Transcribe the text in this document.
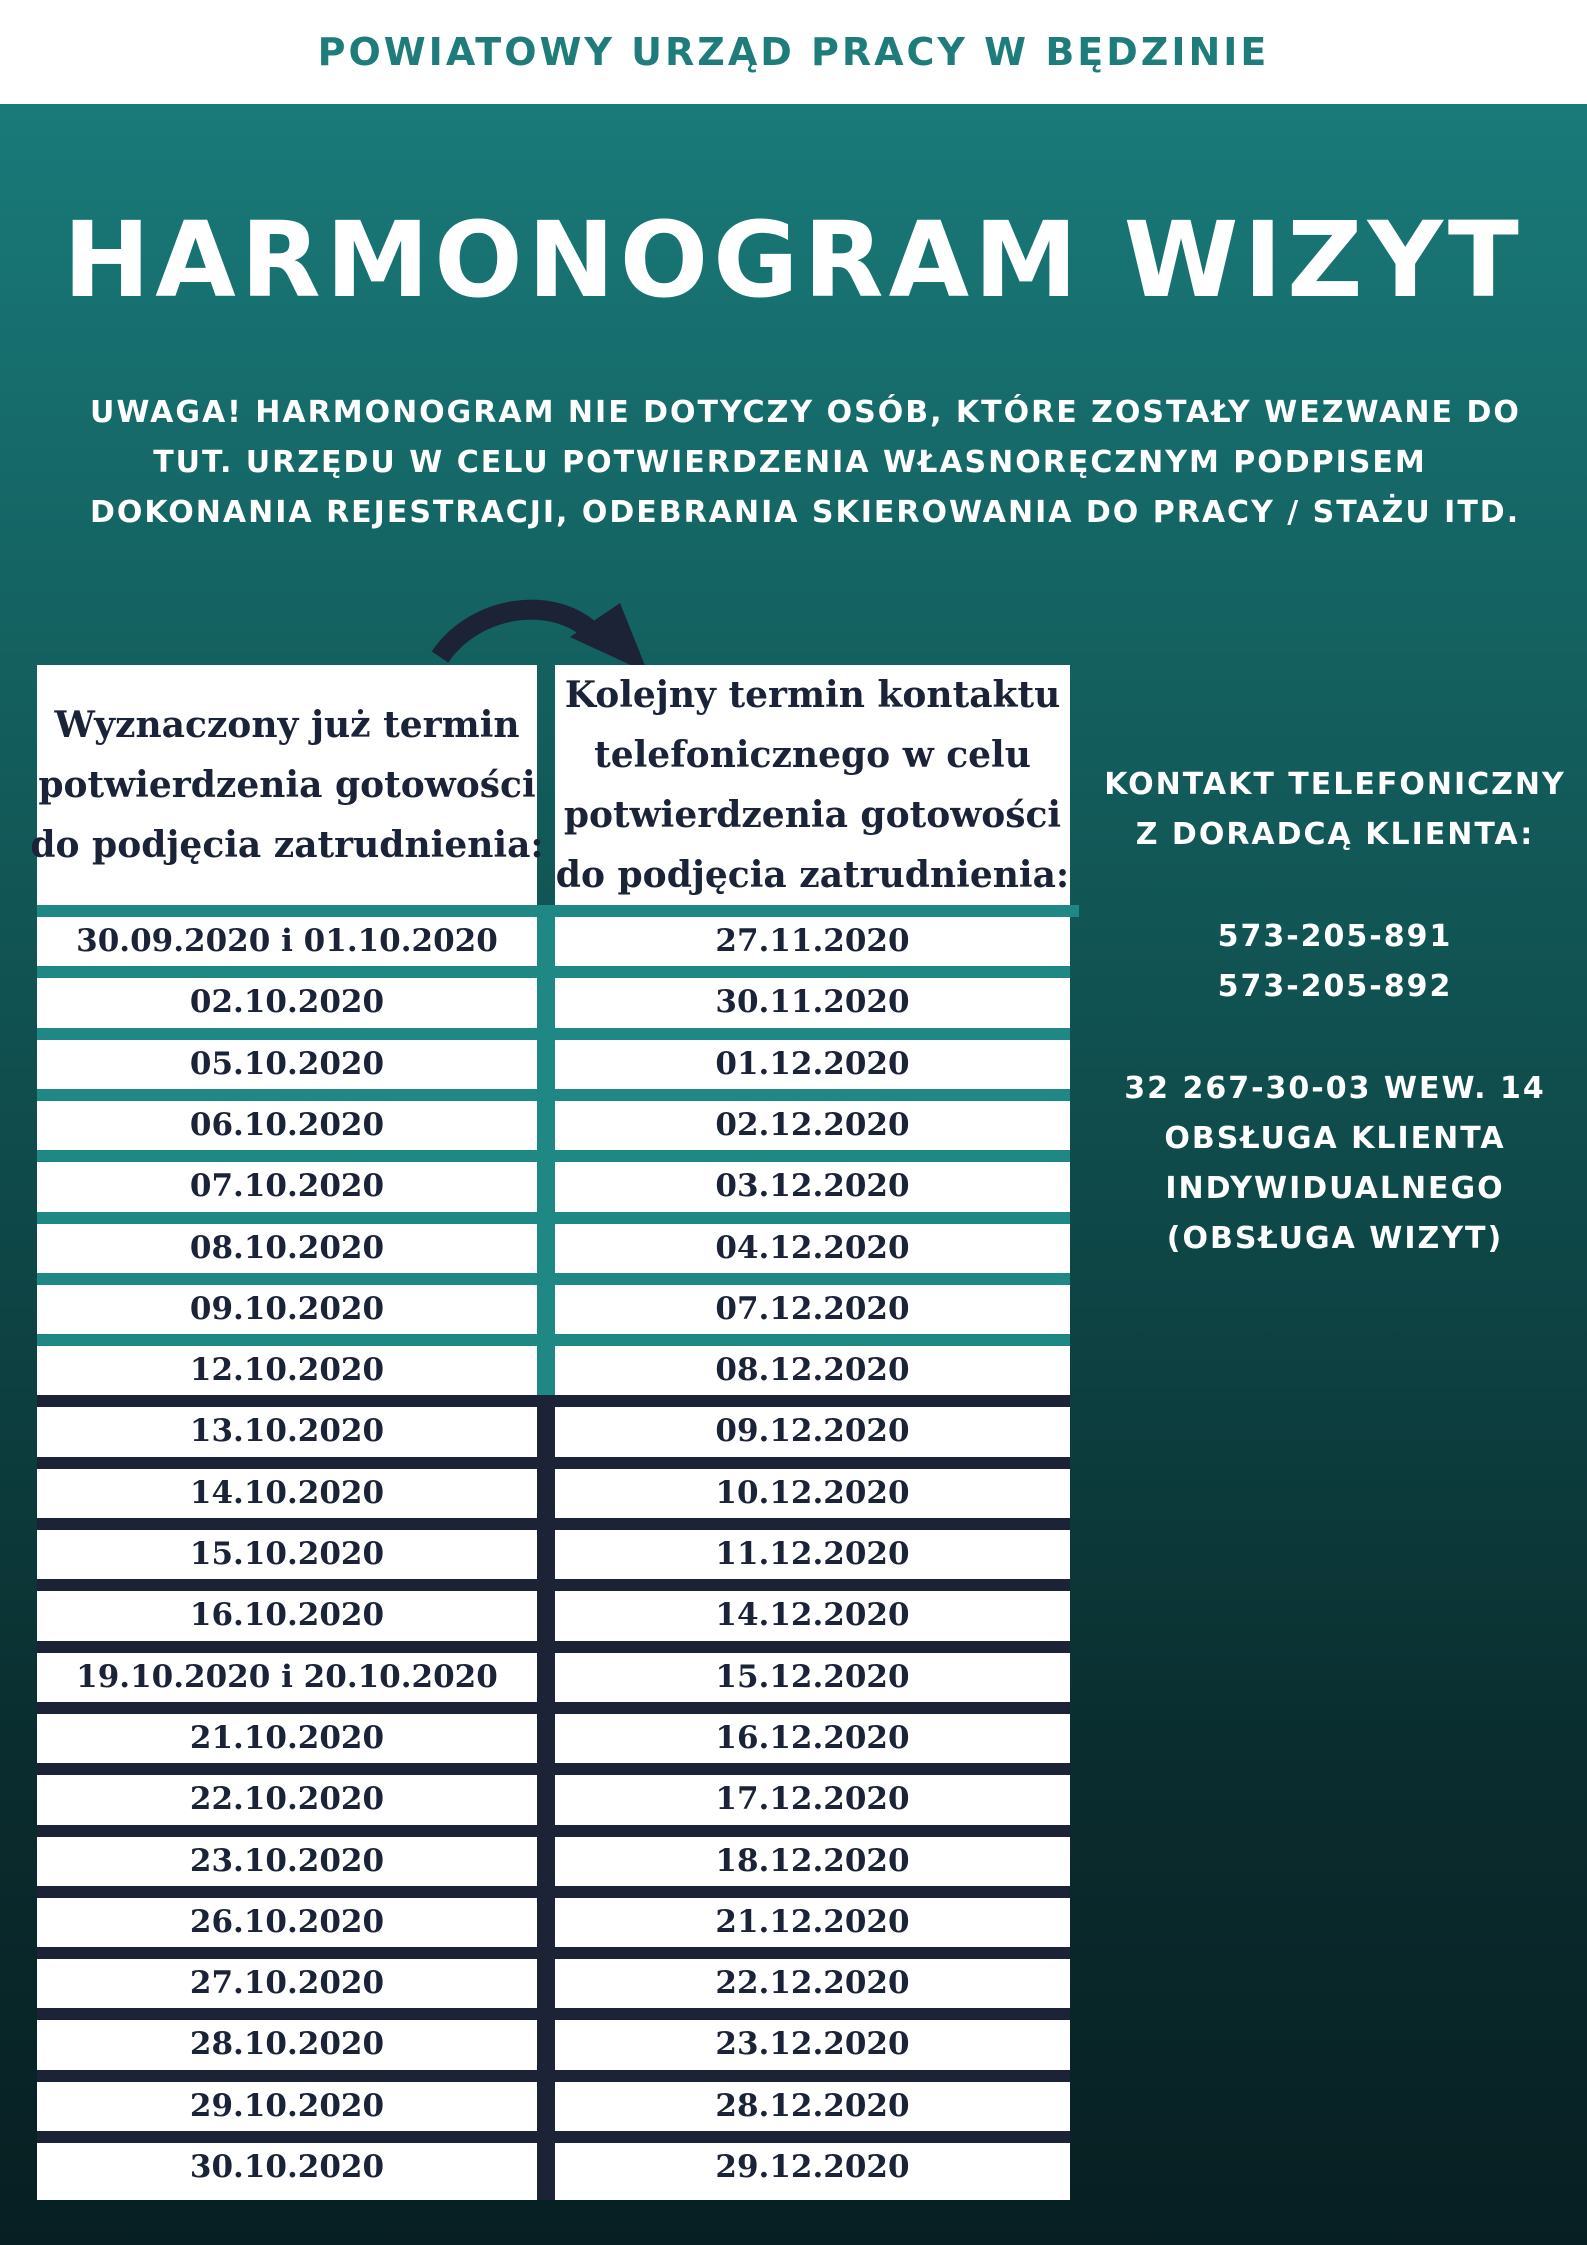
POWIATOWY URZĄD PRACY W BĘDZINIE
HARMONOGRAM WIZYT
UWAGA! HARMONOGRAM NIE DOTYCZY OSÓB, KTÓRE ZOSTAŁY WEZWANE DO
TUT. URZĘDU W CELU POTWIERDZENIA WŁASNORĘCZNYM PODPISEM
DOKONANIA REJESTRACJI, ODEBRANIA SKIEROWANIA DO PRACY / STAŻU ITD.
Wyznaczony już termin
potwierdzenia gotowości
do podjęcia zatrudnienia:
Kolejny termin kontaktu
telefonicznego w celu
potwierdzenia gotowości
do podjęcia zatrudnienia:
30.09.2020 i 01.10.2020	27.11.2020
02.10.2020	30.11.2020
05.10.2020	01.12.2020
06.10.2020	02.12.2020
07.10.2020	03.12.2020
08.10.2020	04.12.2020
09.10.2020	07.12.2020
12.10.2020	08.12.2020
13.10.2020	09.12.2020
14.10.2020	10.12.2020
15.10.2020	11.12.2020
16.10.2020	14.12.2020
19.10.2020 i 20.10.2020	15.12.2020
21.10.2020	16.12.2020
22.10.2020	17.12.2020
23.10.2020	18.12.2020
26.10.2020	21.12.2020
27.10.2020	22.12.2020
28.10.2020	23.12.2020
29.10.2020	28.12.2020
30.10.2020	29.12.2020
KONTAKT TELEFONICZNY
Z DORADCĄ KLIENTA:
573-205-891
573-205-892
32 267-30-03 WEW. 14
OBSŁUGA KLIENTA
INDYWIDUALNEGO
(OBSŁUGA WIZYT)
